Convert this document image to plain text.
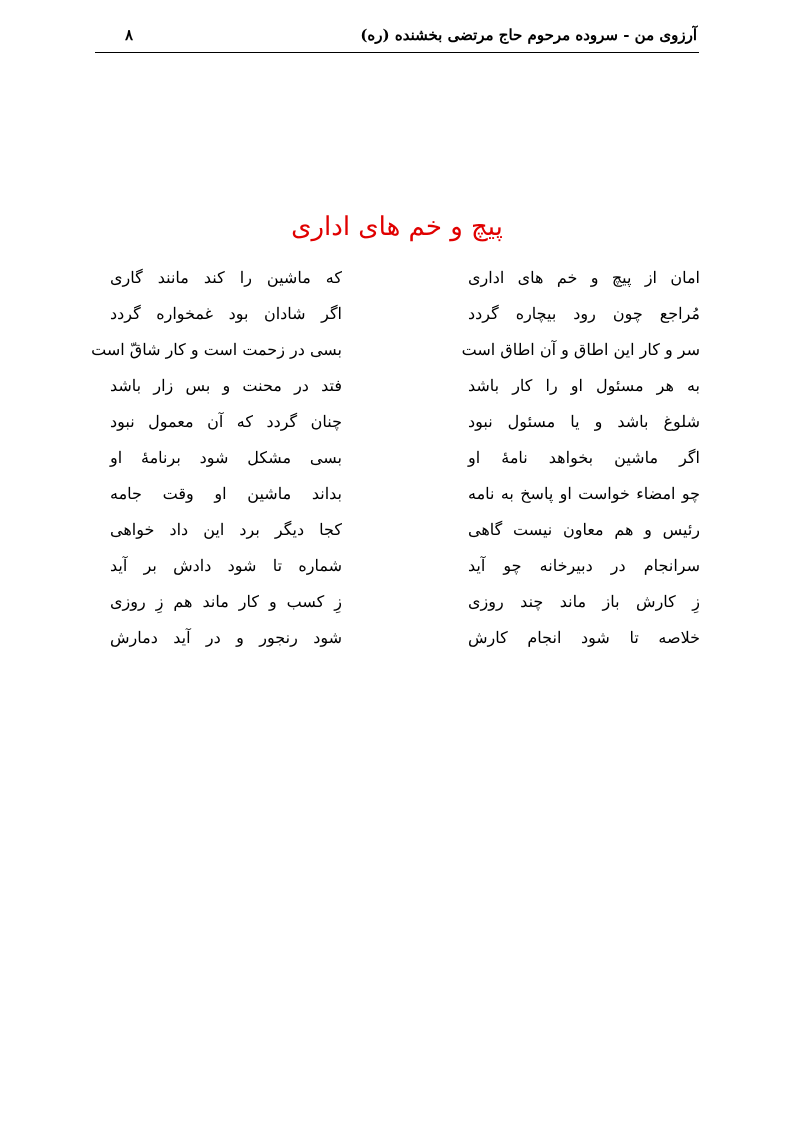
آرزوی من - سروده مرحوم حاج مرتضی بخشنده (ره)
۸
پیچ و خم های اداری
امان از پیچ و خم های اداری
که ماشین را کند مانند گاری
مُراجع چون رود بیچاره گردد
اگر شادان بود غمخواره گردد
سر و کار این اطاق و آن اطاق است
بسی در زحمت است و کار شاقّ است
به هر مسئول او را کار باشد
فتد در محنت و بس زار باشد
شلوغ باشد و یا مسئول نبود
چنان گردد که آن معمول نبود
اگر ماشین بخواهد نامهٔ او
بسی مشکل شود برنامهٔ او
چو امضاء خواست او پاسخ به نامه
بداند ماشین او وقت جامه
رئیس و هم معاون نیست گاهی
کجا دیگر برد این داد خواهی
سرانجام در دبیرخانه چو آید
شماره تا شود دادش بر آید
زِ کارش باز ماند چند روزی
زِ کسب و کار ماند هم زِ روزی
خلاصه تا شود انجام کارش
شود رنجور و در آید دمارش
